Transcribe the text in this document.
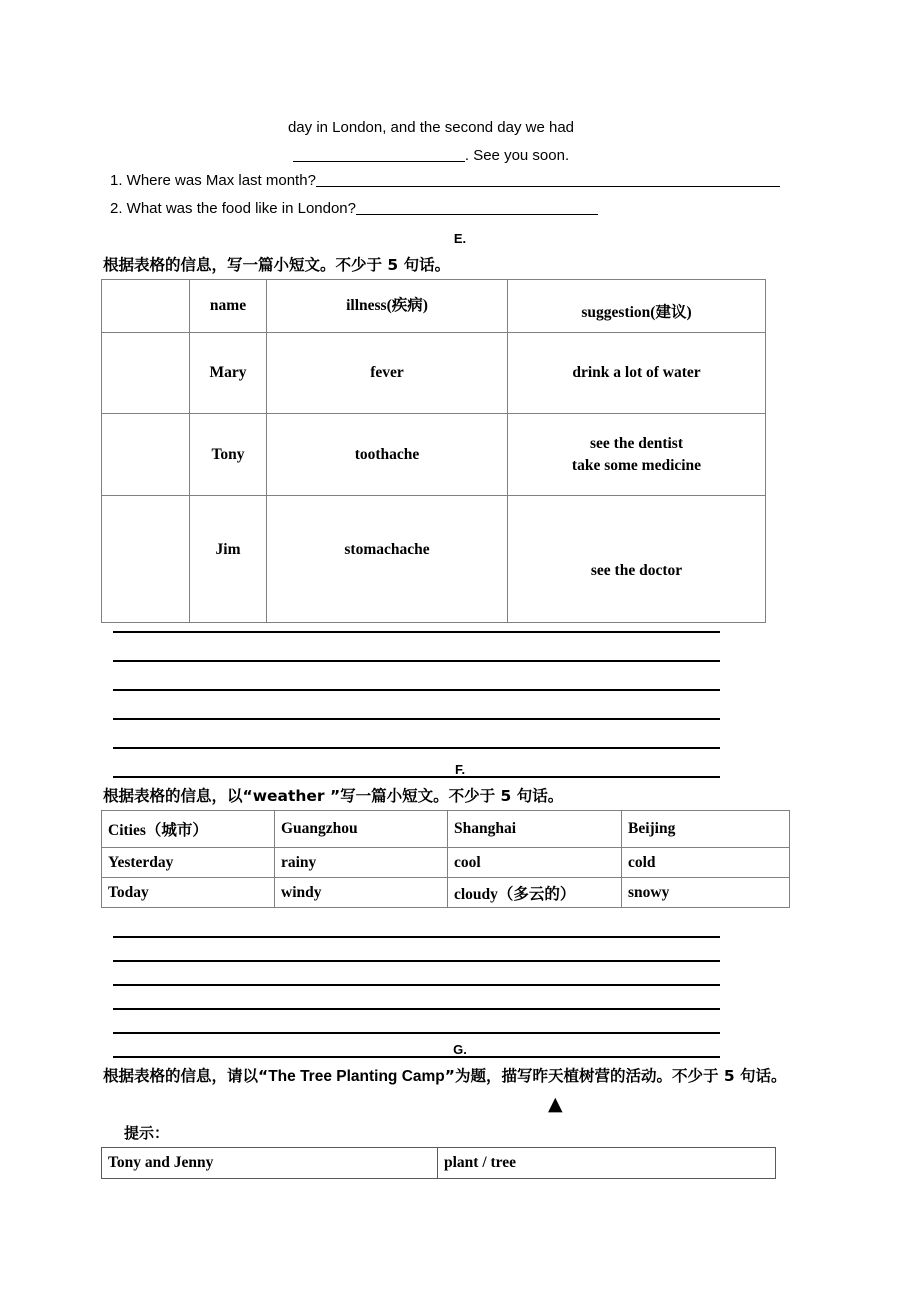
day in London, and the second day we had
. See you soon.
1. Where was Max last month?
2. What was the food like in London?
E.
根据表格的信息，写一篇小短文。不少于 5 句话。
	name	illness(疾病)	suggestion(建议)
	Mary	fever	drink a lot of water
	Tony	toothache	see the dentist
take some medicine

	Jim	stomachache	see the doctor
F.
根据表格的信息，以“weather ”写一篇小短文。不少于 5 句话。
Cities（城市）	Guangzhou	Shanghai	Beijing
Yesterday	rainy	cool	cold
Today	windy	cloudy（多云的）	snowy
G.
根据表格的信息，请以“The Tree Planting Camp”为题，描写昨天植树营的活动。不少于 5 句话。
▲
提示：
Tony and Jenny	plant / tree
